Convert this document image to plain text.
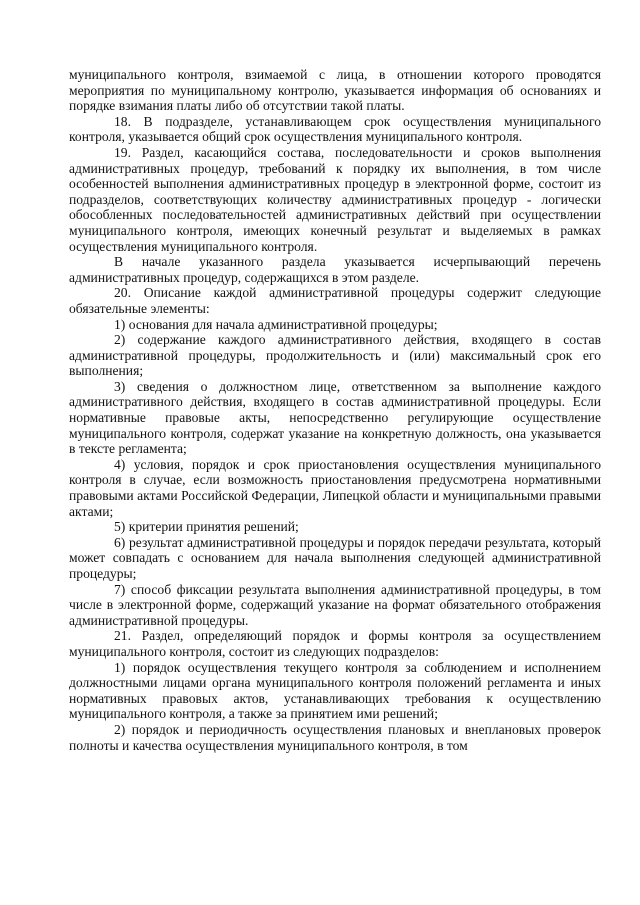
муниципального контроля, взимаемой с лица, в отношении которого проводятся мероприятия по муниципальному контролю, указывается информация об основаниях и порядке взимания платы либо об отсутствии такой платы.

18. В подразделе, устанавливающем срок осуществления муниципального контроля, указывается общий срок осуществления муниципального контроля.

19. Раздел, касающийся состава, последовательности и сроков выполнения административных процедур, требований к порядку их выполнения, в том числе особенностей выполнения административных процедур в электронной форме, состоит из подразделов, соответствующих количеству административных процедур - логически обособленных последовательностей административных действий при осуществлении муниципального контроля, имеющих конечный результат и выделяемых в рамках осуществления муниципального контроля.

В начале указанного раздела указывается исчерпывающий перечень административных процедур, содержащихся в этом разделе.

20. Описание каждой административной процедуры содержит следующие обязательные элементы:

1) основания для начала административной процедуры;

2) содержание каждого административного действия, входящего в состав административной процедуры, продолжительность и (или) максимальный срок его выполнения;

3) сведения о должностном лице, ответственном за выполнение каждого административного действия, входящего в состав административной процедуры. Если нормативные правовые акты, непосредственно регулирующие осуществление муниципального контроля, содержат указание на конкретную должность, она указывается в тексте регламента;

4) условия, порядок и срок приостановления осуществления муниципального контроля в случае, если возможность приостановления предусмотрена нормативными правовыми актами Российской Федерации, Липецкой области и муниципальными правыми актами;

5) критерии принятия решений;

6) результат административной процедуры и порядок передачи результата, который может совпадать с основанием для начала выполнения следующей административной процедуры;

7) способ фиксации результата выполнения административной процедуры, в том числе в электронной форме, содержащий указание на формат обязательного отображения административной процедуры.

21. Раздел, определяющий порядок и формы контроля за осуществлением муниципального контроля, состоит из следующих подразделов:

1) порядок осуществления текущего контроля за соблюдением и исполнением должностными лицами органа муниципального контроля положений регламента и иных нормативных правовых актов, устанавливающих требования к осуществлению муниципального контроля, а также за принятием ими решений;

2) порядок и периодичность осуществления плановых и внеплановых проверок полноты и качества осуществления муниципального контроля, в том
